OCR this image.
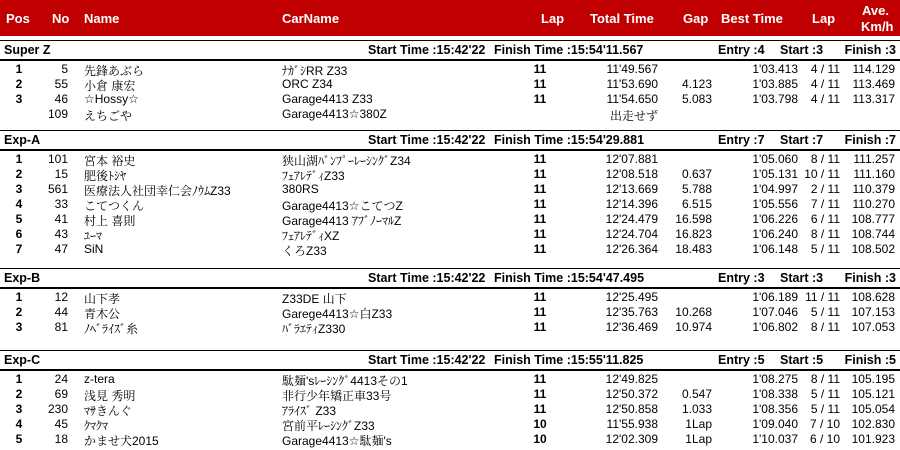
Pos No Name	CarName	Lap Total Time Gap Best Time Lap
Ave.
Km/h
Super Z	Start Time :15:42'22 Finish Time :15:54'11.567	Entry :4 Start :3 Finish :3
1	5 先鋒あぶら	ﾅｶﾞｼRR Z33	11	11'49.567	1'03.413	4 / 11	114.129
2	55 小倉 康宏	ORC Z34	11	11'53.690	4.123	1'03.885	4 / 11	113.469
3	46 ☆Hossy☆	Garage4413 Z33	11	11'54.650	5.083	1'03.798	4 / 11	113.317
109 えちごや	Garage4413☆380Z	出走せず
Exp-A	Start Time :15:42'22 Finish Time :15:54'29.881	Entry :7 Start :7 Finish :7
1	101 宮本 裕史	狭山湖ﾊﾞﾝﾌﾟｰﾚｰｼﾝｸﾞZ34	11	12'07.881	1'05.060	8 / 11	111.257
2	15 肥後ﾄｼﾔ	ﾌｪｱﾚﾃﾞｨZ33	11	12'08.518	0.637	1'05.131 10 / 11	111.160
3	561 医療法人社団幸仁会ﾉｳﾑZ33	380RS	11	12'13.669	5.788	1'04.997	2 / 11	110.379
4	33 こてつくん	Garage4413☆こてつZ	11	12'14.396	6.515	1'05.556	7 / 11	110.270
5	41 村上 喜則	Garage4413 ｱﾌﾞﾉｰﾏﾙZ	11	12'24.479	16.598	1'06.226	6 / 11 108.777
6	43 ﾕｰﾏ	ﾌｪｱﾚﾃﾞｨXZ	11	12'24.704	16.823	1'06.240	8 / 11 108.744
7	47 SiN	くろZ33	11	12'26.364	18.483	1'06.148	5 / 11 108.502
Exp-B	Start Time :15:42'22 Finish Time :15:54'47.495	Entry :3 Start :3 Finish :3
1	12 山下孝	Z33DE 山下	11	12'25.495	1'06.189 11 / 11 108.628
2	44 青木公	Garege4413☆白Z33	11	12'35.763	10.268	1'07.046	5 / 11 107.153
3	81 ﾉﾍﾞﾗｲｽﾞ糸	ﾊﾞﾗｴﾃｨZ330	11	12'36.469	10.974	1'06.802	8 / 11 107.053
Exp-C	Start Time :15:42'22 Finish Time :15:55'11.825	Entry :5 Start :5 Finish :5
1	24 z-tera	駄麺'sﾚｰｼﾝｸﾞ4413その1	11	12'49.825	1'08.275	8 / 11 105.195
2	69 浅見 秀明	非行少年矯正車33号	11	12'50.372	0.547	1'08.338	5 / 11 105.121
3	230 ﾏｻきんぐ	ｱﾗｲｽﾞ Z33	11	12'50.858	1.033	1'08.356	5 / 11 105.054
4	45 ｸﾏｸﾏ	宮前平ﾚｰｼﾝｸﾞZ33	10	11'55.938	1Lap	1'09.040 7 / 10 102.830
5	18 かませ犬2015	Garage4413☆駄麺's	10	12'02.309	1Lap	1'10.037 6 / 10 101.923
